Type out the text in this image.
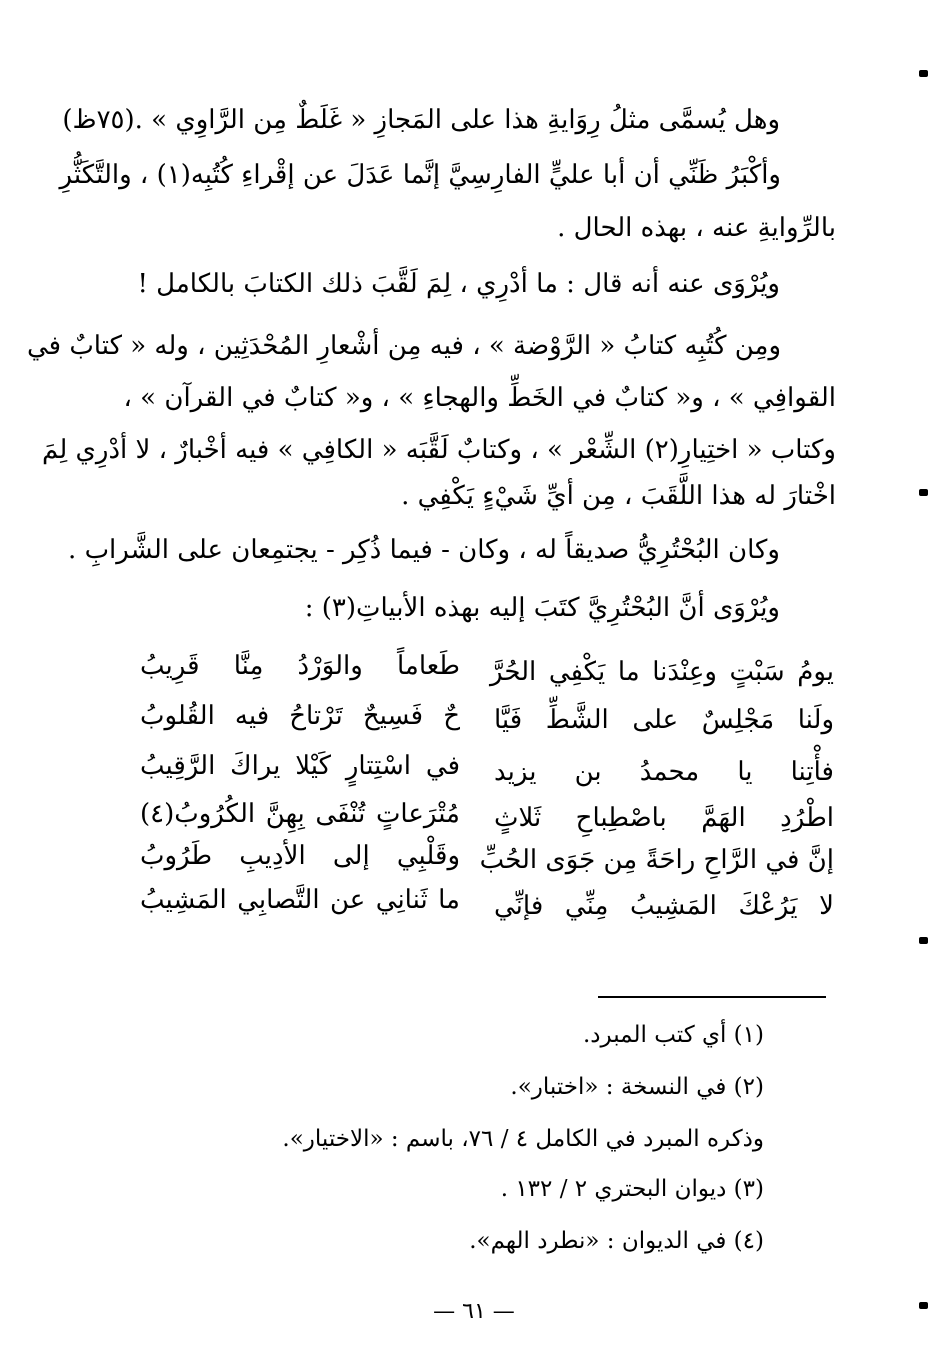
وهل يُسمَّى مثلُ رِوَايةِ هذا على المَجازِ « غَلَطٌ مِن الرَّاوِي » .(٧٥ظ)
وأكْبَرُ ظَنِّي أن أبا عليٍّ الفارِسِيَّ إنَّما عَدَلَ عن إقْراءِ كُتُبِه(١) ، والتَّكَثُّرِ
بالرِّوايةِ عنه ، بهذه الحال .
ويُرْوَى عنه أنه قال : ما أدْرِي ، لِمَ لَقَّبَ ذلك الكتابَ بالكامل !
ومِن كُتُبِه كتابُ « الرَّوْضة » ، فيه مِن أشْعارِ المُحْدَثِين ، وله « كتابٌ في
القوافِي » ، و« كتابٌ في الخَطِّ والهجاءِ » ، و« كتابٌ في القرآن » ،
وكتاب « اختِيارِ(٢) الشِّعْر » ، وكتابٌ لَقَّبَه « الكافِي » فيه أخْبارٌ ، لا أدْرِي لِمَ
اخْتارَ له هذا اللَّقَبَ ، مِن أيِّ شَيْءٍ يَكْفِي .
وكان البُحْتُرِيُّ صديقاً له ، وكان - فيما ذُكِر - يجتمِعان على الشَّرابِ .
ويُرْوَى أنَّ البُحْتُرِيَّ كتَبَ إليه بهذه الأبياتِ(٣) :
يومُ سَبْتٍ وعِنْدَنا ما يَكْفِي الحُرَّ
طَعاماً والوَرْدُ مِنَّا قَرِيبُ
ولَنا مَجْلِسٌ على الشَّطِّ فَيَّا
حٌ فَسِيحٌ تَرْتاحُ فيه القُلوبُ
فأْتِنا يا محمدُ بن يزيد
في اسْتِتارٍ كَيْلا يراكَ الرَّقِيبُ
اطْرُدِ الهَمَّ باصْطِباحِ ثَلاثٍ
مُتْرَعاتٍ تُنْفَى بِهِنَّ الكُرُوبُ(٤)
إنَّ في الرَّاحِ راحَةً مِن جَوَى الحُبِّ
وقَلْبِي إلى الأدِيبِ طَرُوبُ
لا يَرُعْكَ المَشِيبُ مِنِّي فإنِّي
ما ثَنانِي عن التَّصابِي المَشِيبُ
(١) أي كتب المبرد.
(٢) في النسخة : «اختبار».
وذكره المبرد في الكامل ٤ / ٧٦، باسم : «الاختيار».
(٣) ديوان البحتري ٢ / ١٣٢ .
(٤) في الديوان : «نطرد الهم».
— ٦١ —
